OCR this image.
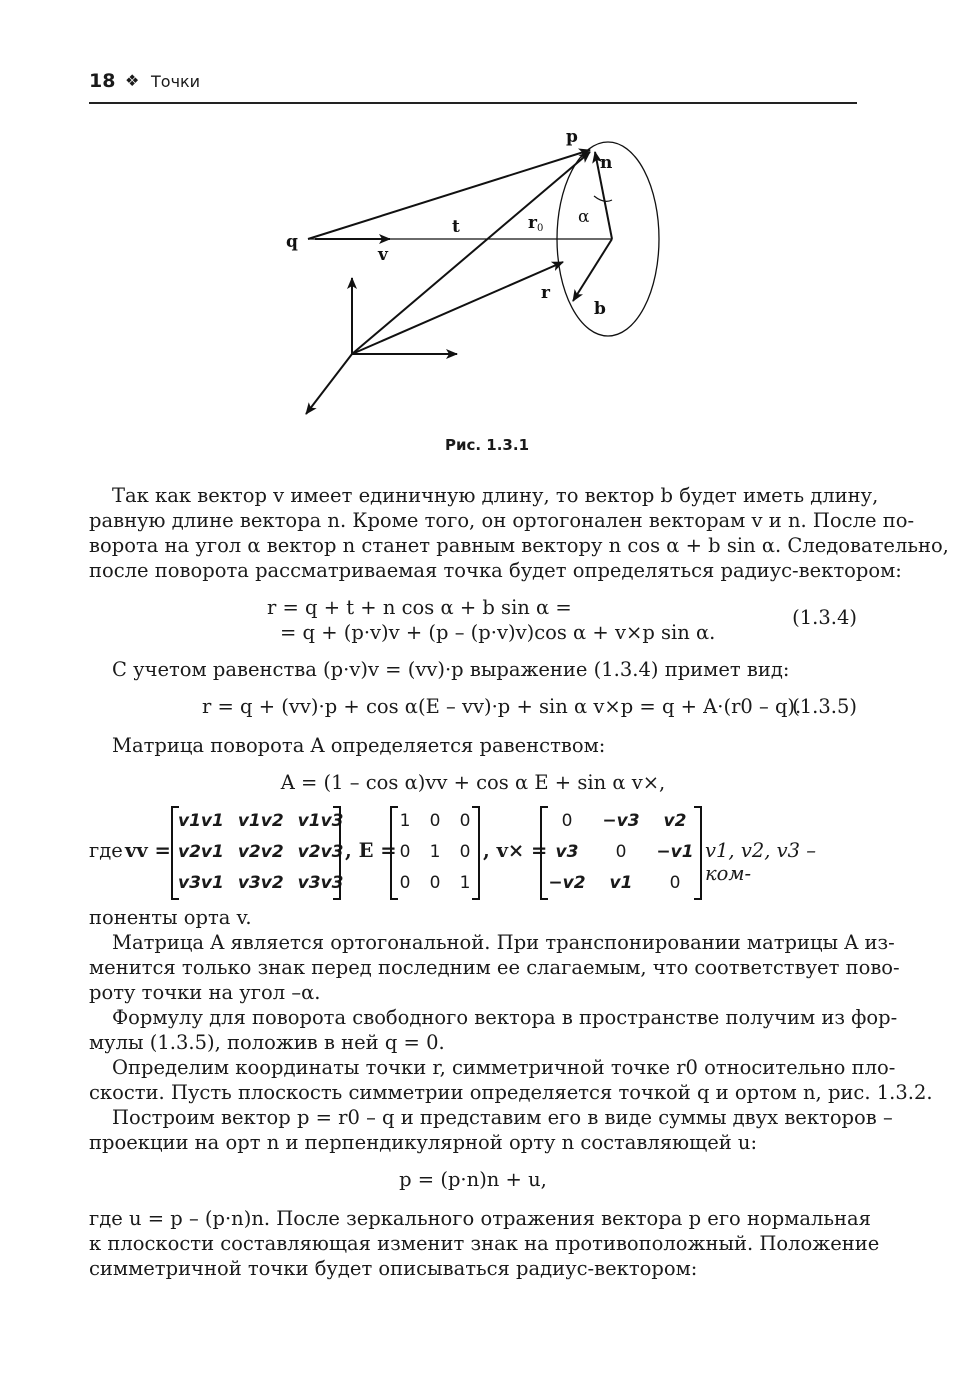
18 ❖ Точки
p
n
q
t	r0
α
v
r
b
Рис. 1.3.1
Так как вектор v имеет единичную длину, то вектор b будет иметь длину,
равную длине вектора n. Кроме того, он ортогонален векторам v и n. После по-
ворота на угол α вектор n станет равным вектору n cos α + b sin α. Следовательно,
после поворота рассматриваемая точка будет определяться радиус-вектором:
r = q + t + n cos α + b sin α =
= q + (p·v)v + (p – (p·v)v)cos α + v×p sin α.
(1.3.4)
С учетом равенства (p·v)v = (vv)·p выражение (1.3.4) примет вид:
r = q + (vv)·p + cos α(E – vv)·p + sin α v×p = q + A·(r0 – q).
(1.3.5)
Матрица поворота A определяется равенством:
A = (1 – cos α)vv + cos α E + sin α v×,
где vv =
v1v1	v1v2	v1v3
v2v1	v2v2	v2v3
v3v1	v3v2	v3v3
, E =
1	0	0
0	1	0
0	0	1
, v× =
0	−v3	v2
v3	0	−v1
−v2	v1	0
v1, v2, v3 – ком-
поненты орта v.
Матрица A является ортогональной. При транспонировании матрицы A из-
менится только знак перед последним ее слагаемым, что соответствует пово-
роту точки на угол –α.
Формулу для поворота свободного вектора в пространстве получим из фор-
мулы (1.3.5), положив в ней q = 0.
Определим координаты точки r, симметричной точке r0 относительно пло-
скости. Пусть плоскость симметрии определяется точкой q и ортом n, рис. 1.3.2.
Построим вектор p = r0 – q и представим его в виде суммы двух векторов –
проекции на орт n и перпендикулярной орту n составляющей u:
p = (p·n)n + u,
где u = p – (p·n)n. После зеркального отражения вектора p его нормальная
к плоскости составляющая изменит знак на противоположный. Положение
симметричной точки будет описываться радиус-вектором:
